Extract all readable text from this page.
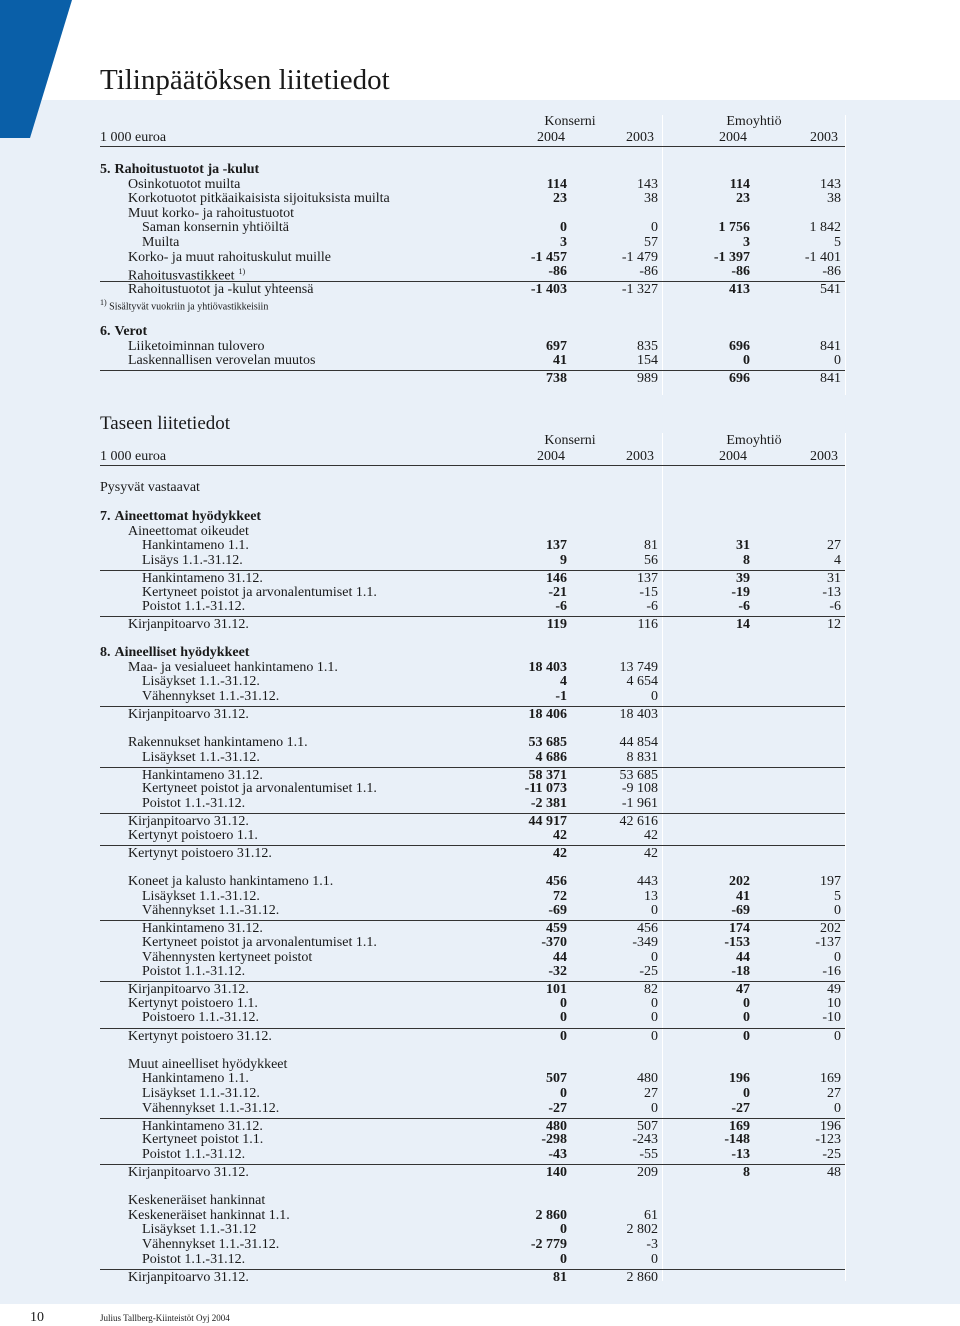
Tilinpäätöksen liitetiedot
Konserni	Emoyhtiö
1 000 euroa	2004	2003	2004	2003
Taseen liitetiedot
Konserni	Emoyhtiö
1 000 euroa	2004	2003	2004	2003
Pysyvät vastaavat
5. Rahoitustuotot ja -kulut
Osinkotuotot muilta	114	143	114	143
Korkotuotot pitkäaikaisista sijoituksista muilta	23	38	23	38
Muut korko- ja rahoitustuotot
Saman konsernin yhtiöiltä	0	0	1 756	1 842
Muilta	3	57	3	5
Korko- ja muut rahoituskulut muille	-1 457	-1 479	-1 397	-1 401
Rahoitusvastikkeet $^{1)}$	-86	-86	-86	-86
Rahoitustuotot ja -kulut yhteensä	-1 403	-1 327	413	541
6. Verot
Liiketoiminnan tulovero	697	835	696	841
Laskennallisen verovelan muutos	41	154	0	0
738	989	696	841
7. Aineettomat hyödykkeet
Aineettomat oikeudet
Hankintameno 1.1.	137	81	31	27
Lisäys 1.1.-31.12.	9	56	8	4
Hankintameno 31.12.	146	137	39	31
Kertyneet poistot ja arvonalentumiset 1.1.	-21	-15	-19	-13
Poistot 1.1.-31.12.	-6	-6	-6	-6
Kirjanpitoarvo 31.12.	119	116	14	12
8. Aineelliset hyödykkeet
Maa- ja vesialueet hankintameno 1.1.	18 403	13 749
Lisäykset 1.1.-31.12.	4	4 654
Vähennykset 1.1.-31.12.	-1	0
Kirjanpitoarvo 31.12.	18 406	18 403
Rakennukset hankintameno 1.1.	53 685	44 854
Lisäykset 1.1.-31.12.	4 686	8 831
Hankintameno 31.12.	58 371	53 685
Kertyneet poistot ja arvonalentumiset 1.1.	-11 073	-9 108
Poistot 1.1.-31.12.	-2 381	-1 961
Kirjanpitoarvo 31.12.	44 917	42 616
Kertynyt poistoero 1.1.	42	42
Kertynyt poistoero 31.12.	42	42
Koneet ja kalusto hankintameno 1.1.	456	443	202	197
Lisäykset 1.1.-31.12.	72	13	41	5
Vähennykset 1.1.-31.12.	-69	0	-69	0
Hankintameno 31.12.	459	456	174	202
Kertyneet poistot ja arvonalentumiset 1.1.	-370	-349	-153	-137
Vähennysten kertyneet poistot	44	0	44	0
Poistot 1.1.-31.12.	-32	-25	-18	-16
Kirjanpitoarvo 31.12.	101	82	47	49
Kertynyt poistoero 1.1.	0	0	0	10
Poistoero 1.1.-31.12.	0	0	0	-10
Kertynyt poistoero 31.12.	0	0	0	0
Muut aineelliset hyödykkeet
Hankintameno 1.1.	507	480	196	169
Lisäykset 1.1.-31.12.	0	27	0	27
Vähennykset 1.1.-31.12.	-27	0	-27	0
Hankintameno 31.12.	480	507	169	196
Kertyneet poistot 1.1.	-298	-243	-148	-123
Poistot 1.1.-31.12.	-43	-55	-13	-25
Kirjanpitoarvo 31.12.	140	209	8	48
Keskeneräiset hankinnat
Keskeneräiset hankinnat 1.1.	2 860	61
Lisäykset 1.1.-31.12	0	2 802
Vähennykset 1.1.-31.12.	-2 779	-3
Poistot 1.1.-31.12.	0	0
Kirjanpitoarvo 31.12.	81	2 860
$^{1)}$ Sisältyvät vuokriin ja yhtiövastikkeisiin
10	Julius Tallberg-Kiinteistöt Oyj 2004
